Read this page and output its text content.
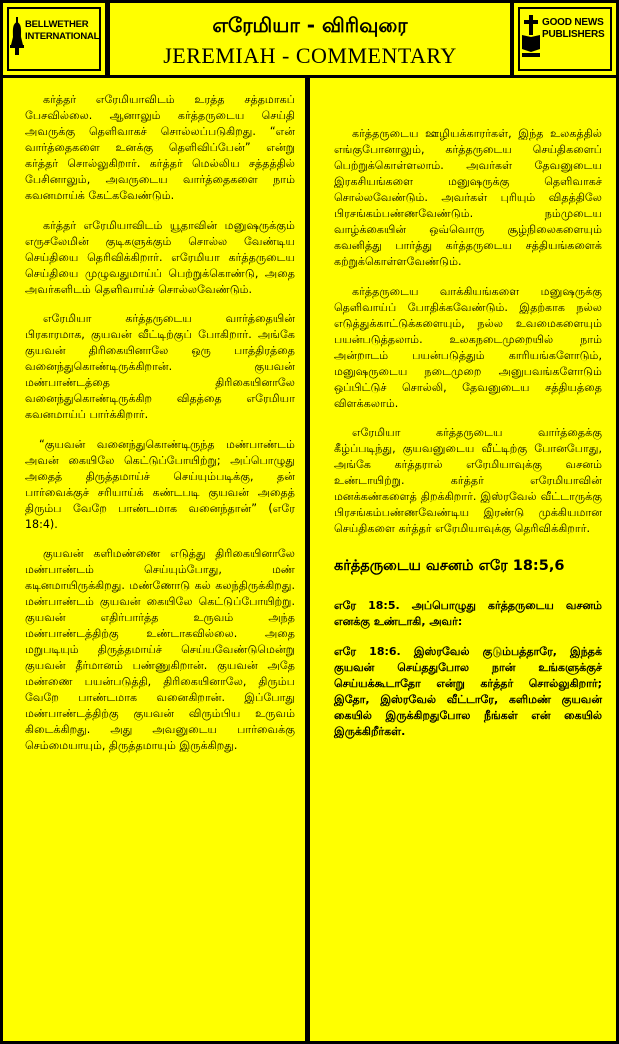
BELLWETHER
INTERNATIONAL	எரேமியா - விரிவுரை
JEREMIAH - COMMENTARY
GOOD NEWS
PUBLISHERS

கர்த்தர் எரேமியாவிடம் உரத்த சத்தமாகப் பேசவில்லை. ஆனாலும் கர்த்தருடைய செய்தி அவருக்கு தெளிவாகச் சொல்லப்படுகிறது. “என் வார்த்தைகளை உனக்கு தெளிவிப்பேன்” என்று கர்த்தர் சொல்லுகிறார். கர்த்தர் மெல்லிய சத்தத்தில் பேசினாலும், அவருடைய வார்த்தைகளை நாம் கவனமாய்க் கேட்கவேண்டும்.

கர்த்தர் எரேமியாவிடம் யூதாவின் மனுஷருக்கும் எருசலேமின் குடிகளுக்கும் சொல்ல வேண்டிய செய்தியை தெரிவிக்கிறார். எரேமியா கர்த்தருடைய செய்தியை முழுவதுமாய்ப் பெற்றுக்கொண்டு, அதை அவர்களிடம் தெளிவாய்ச் சொல்லவேண்டும்.

எரேமியா கர்த்தருடைய வார்த்தையின் பிரகாரமாக, குயவன் வீட்டிற்குப் போகிறார். அங்கே குயவன் திரிகையினாலே ஒரு பாத்திரத்தை வனைந்துகொண்டிருக்கிறான். குயவன் மண்பாண்டத்தை திரிகையினாலே வனைந்துகொண்டிருக்கிற விதத்தை எரேமியா கவனமாய்ப் பார்க்கிறார்.

“குயவன் வனைந்துகொண்டிருந்த மண்பாண்டம் அவன் கையிலே கெட்டுப்போயிற்று; அப்பொழுது அதைத் திருத்தமாய்ச் செய்யும்படிக்கு, தன் பார்வைக்குச் சரியாய்க் கண்டபடி குயவன் அதைத் திரும்ப வேறே பாண்டமாக வனைந்தான்” (எரே 18:4).

குயவன் களிமண்ணை எடுத்து திரிகையினாலே மண்பாண்டம் செய்யும்போது, மண் கடினமாயிருக்கிறது. மண்ணோடு கல் கலந்திருக்கிறது. மண்பாண்டம் குயவன் கையிலே கெட்டுப்போயிற்று. குயவன் எதிர்பார்த்த உருவம் அந்த மண்பாண்டத்திற்கு உண்டாகவில்லை. அதை மறுபடியும் திருத்தமாய்ச் செய்யவேண்டுமென்று குயவன் தீர்மானம் பண்ணுகிறான். குயவன் அதே மண்ணை பயன்படுத்தி, திரிகையினாலே, திரும்ப வேறே பாண்டமாக வனைகிறான். இப்போது மண்பாண்டத்திற்கு குயவன் விரும்பிய உருவம் கிடைக்கிறது. அது அவனுடைய பார்வைக்கு செம்மையாயும், திருத்தமாயும் இருக்கிறது.

கர்த்தருடைய ஊழியக்காரர்கள், இந்த உலகத்தில் எங்குபோனாலும், கர்த்தருடைய செய்திகளைப் பெற்றுக்கொள்ளலாம். அவர்கள் தேவனுடைய இரகசியங்களை மனுஷருக்கு தெளிவாகச் சொல்லவேண்டும். அவர்கள் புரியும் விதத்திலே பிரசங்கம்பண்ணவேண்டும். நம்முடைய வாழ்க்கையின் ஒவ்வொரு சூழ்நிலைகளையும் கவனித்து பார்த்து கர்த்தருடைய சத்தியங்களைக் கற்றுக்கொள்ளவேண்டும்.

கர்த்தருடைய வாக்கியங்களை மனுஷருக்கு தெளிவாய்ப் போதிக்கவேண்டும். இதற்காக நல்ல எடுத்துக்காட்டுக்களையும், நல்ல உவமைகளையும் பயன்படுத்தலாம். உலகநடைமுறையில் நாம் அன்றாடம் பயன்படுத்தும் காரியங்களோடும், மனுஷருடைய நடைமுறை அனுபவங்களோடும் ஒப்பிட்டுச் சொல்லி, தேவனுடைய சத்தியத்தை விளக்கலாம்.

எரேமியா கர்த்தருடைய வார்த்தைக்கு கீழ்ப்படிந்து, குயவனுடைய வீட்டிற்கு போனபோது, அங்கே கர்த்தரால் எரேமியாவுக்கு வசனம் உண்டாயிற்று. கர்த்தர் எரேமியாவின் மனக்கண்களைத் திறக்கிறார். இஸ்ரவேல் வீட்டாருக்கு பிரசங்கம்பண்ணவேண்டிய இரண்டு முக்கியமான செய்திகளை கர்த்தர் எரேமியாவுக்கு தெரிவிக்கிறார்.

கர்த்தருடைய வசனம் எரே 18:5,6

எரே 18:5. அப்பொழுது கர்த்தருடைய வசனம் எனக்கு உண்டாகி, அவர்:

எரே 18:6. இஸ்ரவேல் குடும்பத்தாரே, இந்தக் குயவன் செய்ததுபோல நான் உங்களுக்குச் செய்யக்கூடாதோ என்று கர்த்தர் சொல்லுகிறார்; இதோ, இஸ்ரவேல் வீட்டாரே, களிமண் குயவன் கையில் இருக்கிறதுபோல நீங்கள் என் கையில் இருக்கிறீர்கள்.
